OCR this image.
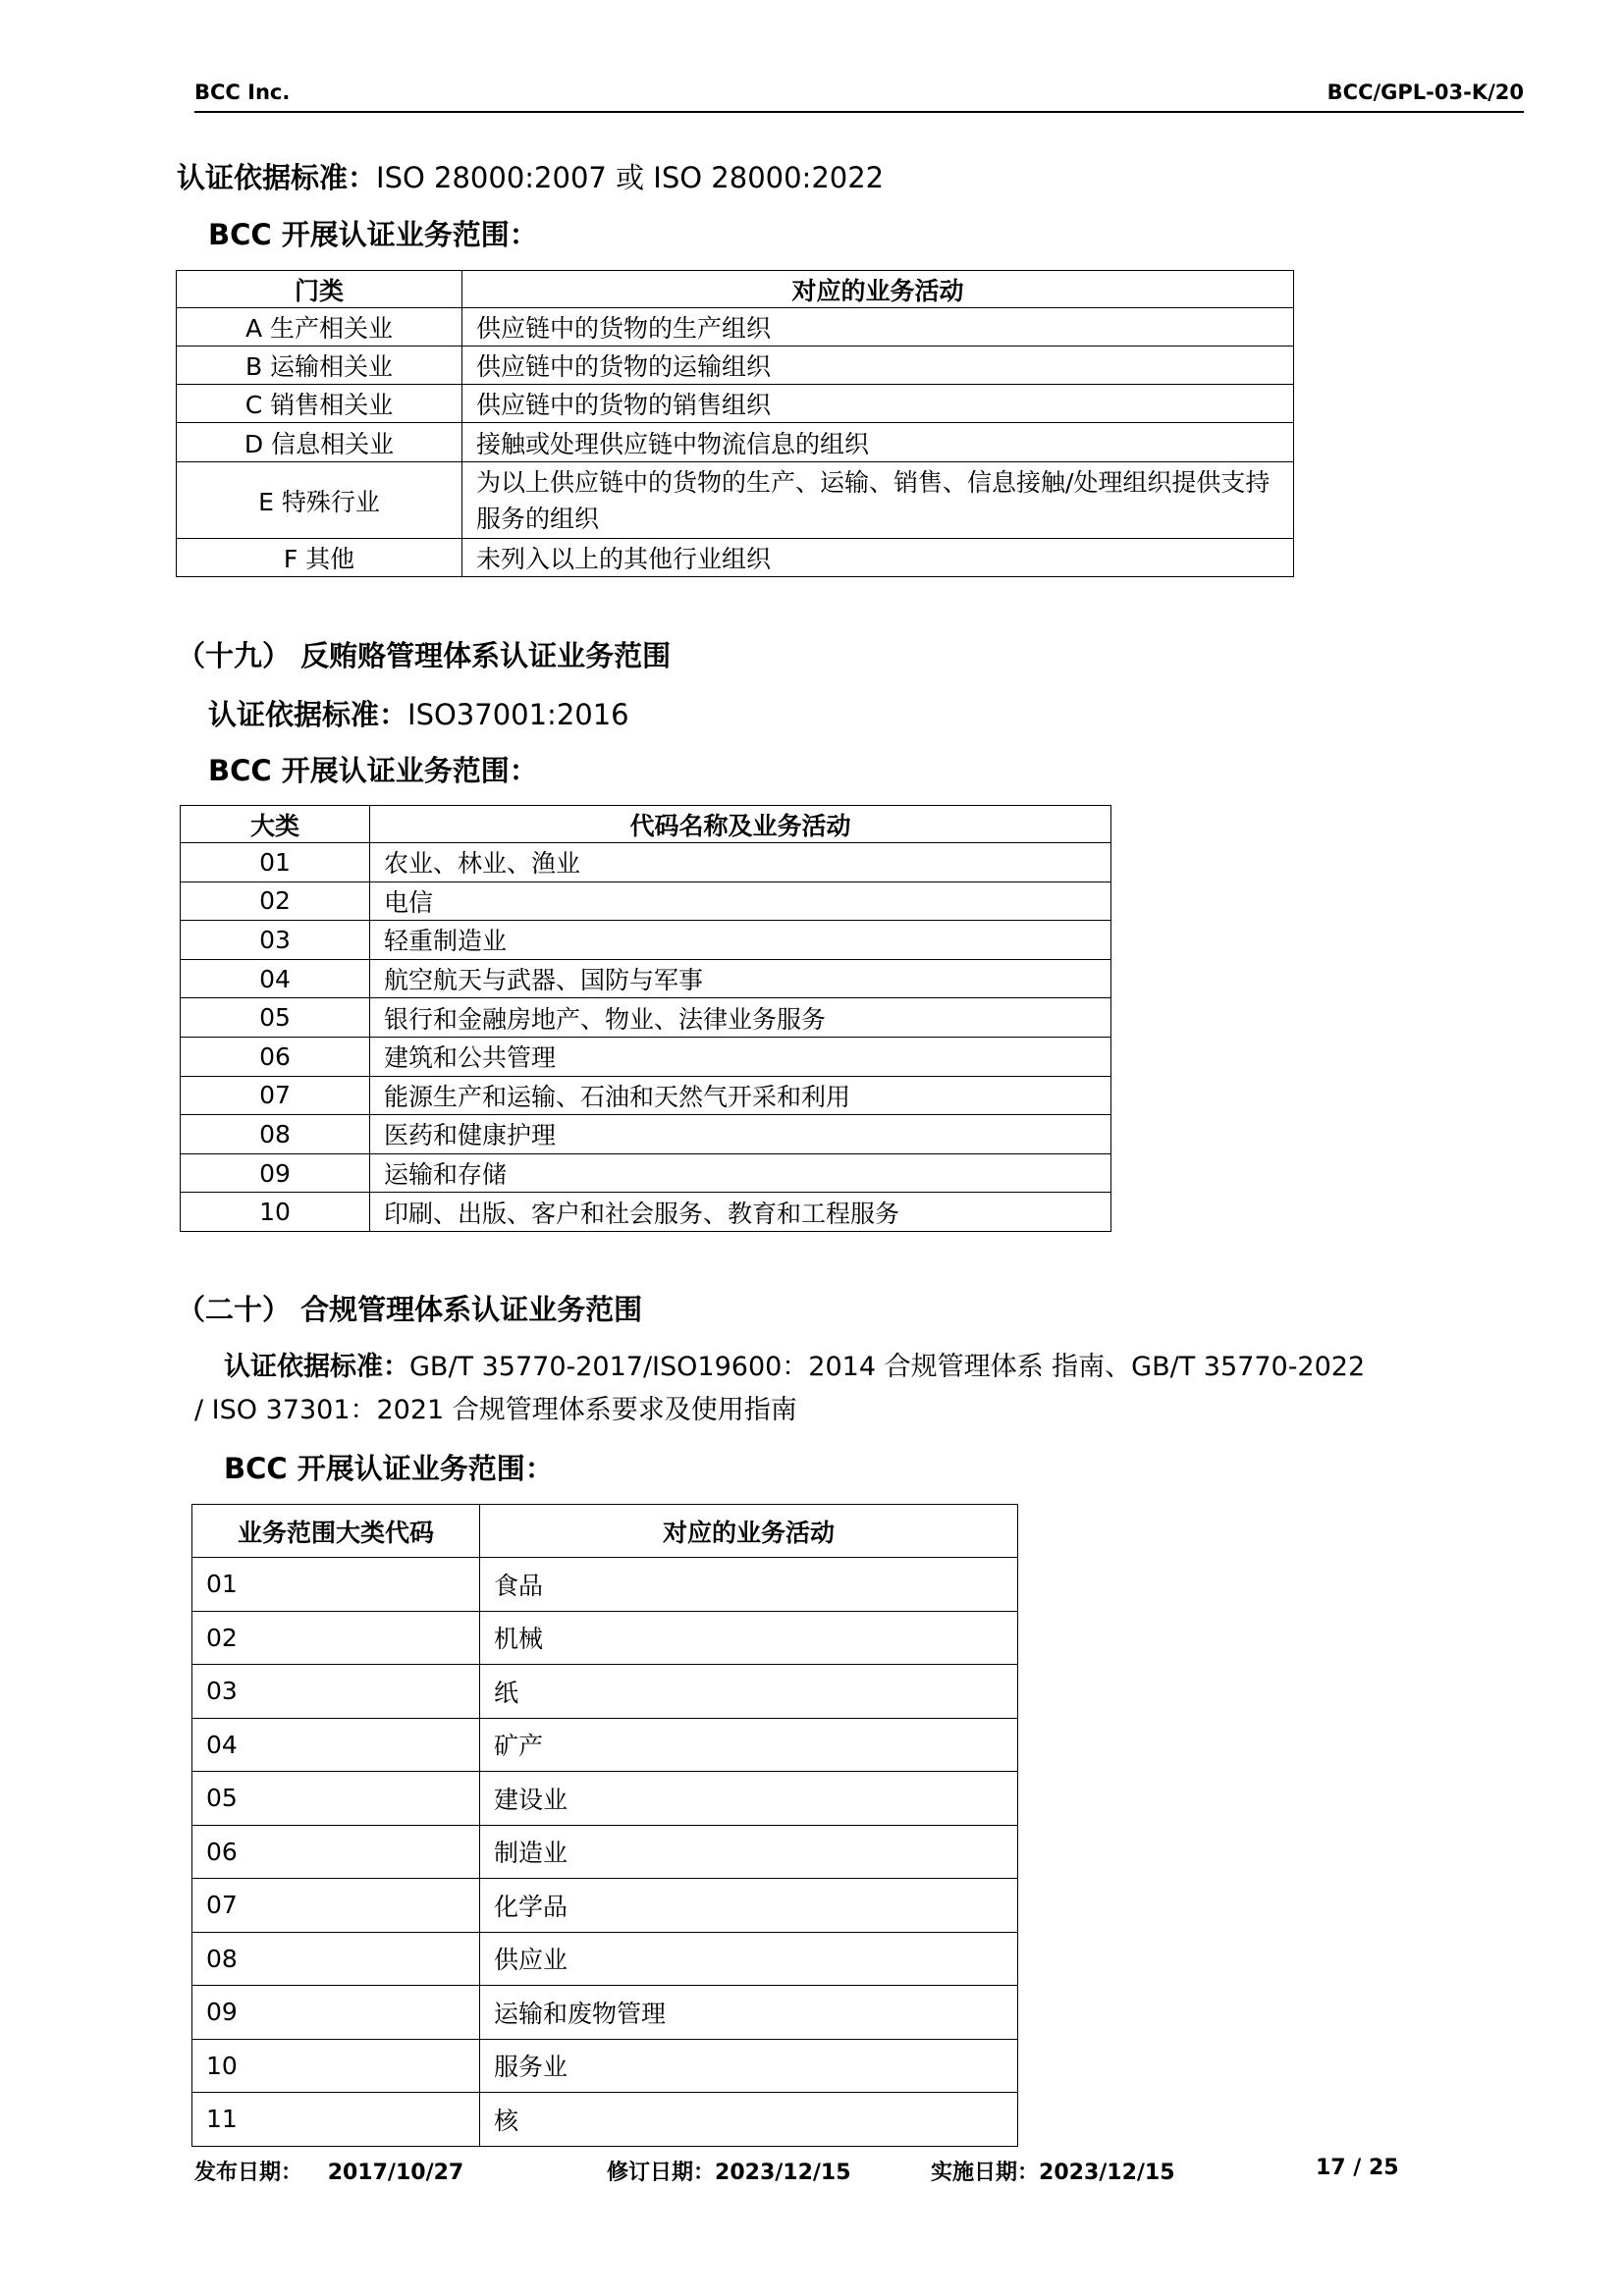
BCC Inc.	BCC/GPL-03-K/20
认证依据标准：ISO 28000:2007 或 ISO 28000:2022
BCC 开展认证业务范围：
门类	对应的业务活动
A 生产相关业	供应链中的货物的生产组织
B 运输相关业	供应链中的货物的运输组织
C 销售相关业	供应链中的货物的销售组织
D 信息相关业	接触或处理供应链中物流信息的组织
E 特殊行业	为以上供应链中的货物的生产、运输、销售、信息接触/处理组织提供支持服务的组织
F 其他	未列入以上的其他行业组织
（十九） 反贿赂管理体系认证业务范围
认证依据标准：ISO37001:2016
BCC 开展认证业务范围：
大类	代码名称及业务活动
01	农业、林业、渔业
02	电信
03	轻重制造业
04	航空航天与武器、国防与军事
05	银行和金融房地产、物业、法律业务服务
06	建筑和公共管理
07	能源生产和运输、石油和天然气开采和利用
08	医药和健康护理
09	运输和存储
10	印刷、出版、客户和社会服务、教育和工程服务
（二十） 合规管理体系认证业务范围
认证依据标准：GB/T 35770-2017/ISO19600：2014 合规管理体系 指南、GB/T 35770-2022
/ ISO 37301：2021 合规管理体系要求及使用指南
BCC 开展认证业务范围：
业务范围大类代码	对应的业务活动
01	食品
02	机械
03	纸
04	矿产
05	建设业
06	制造业
07	化学品
08	供应业
09	运输和废物管理
10	服务业
11	核
发布日期： 2017/10/27	修订日期：2023/12/15	实施日期：2023/12/15	17 / 25
